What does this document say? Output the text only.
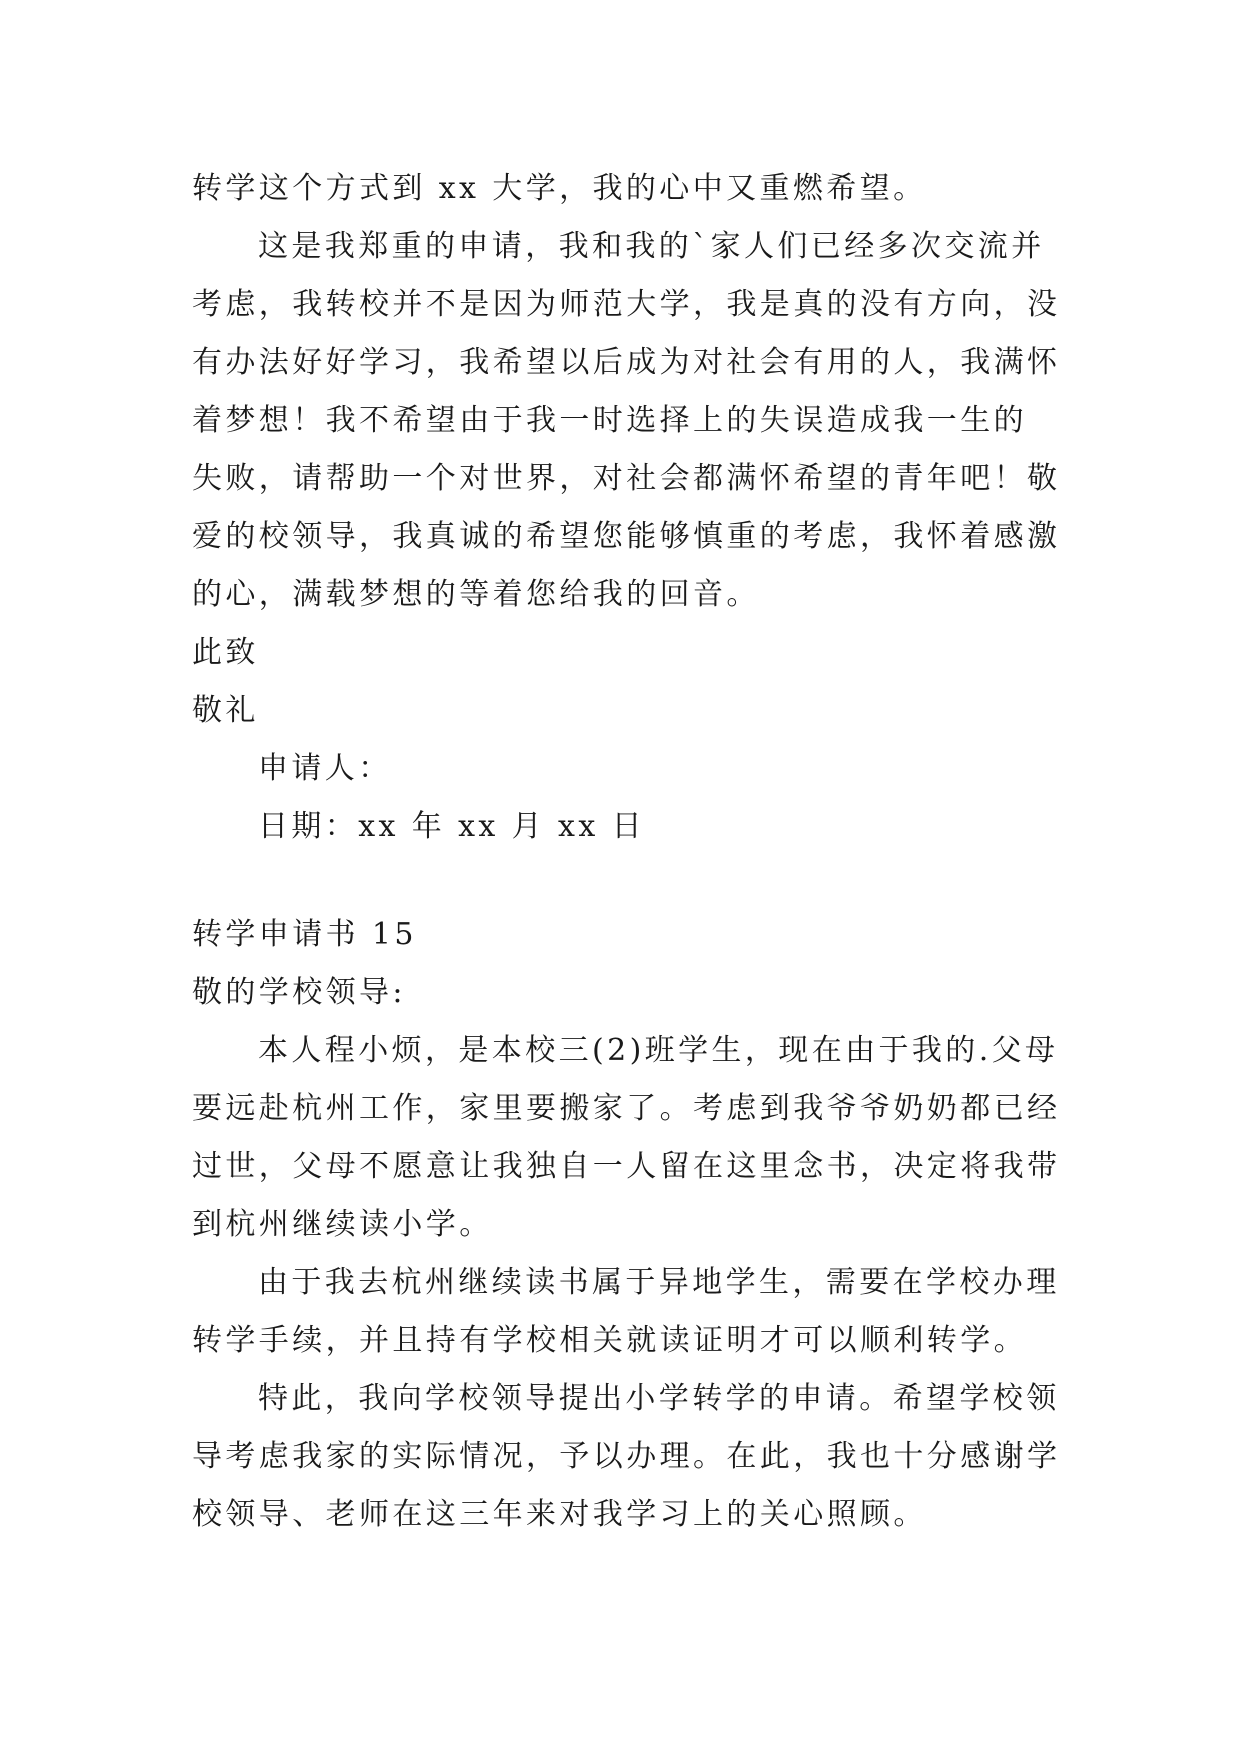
转学这个方式到 xx 大学，我的心中又重燃希望。
这是我郑重的申请，我和我的`家人们已经多次交流并
考虑，我转校并不是因为师范大学，我是真的没有方向，没
有办法好好学习，我希望以后成为对社会有用的人，我满怀
着梦想！我不希望由于我一时选择上的失误造成我一生的
失败，请帮助一个对世界，对社会都满怀希望的青年吧！敬
爱的校领导，我真诚的希望您能够慎重的考虑，我怀着感激
的心，满载梦想的等着您给我的回音。
此致
敬礼
申请人：
日期：xx 年 xx 月 xx 日
转学申请书 15
敬的学校领导:
本人程小烦，是本校三(2)班学生，现在由于我的.父母
要远赴杭州工作，家里要搬家了。考虑到我爷爷奶奶都已经
过世，父母不愿意让我独自一人留在这里念书，决定将我带
到杭州继续读小学。
由于我去杭州继续读书属于异地学生，需要在学校办理
转学手续，并且持有学校相关就读证明才可以顺利转学。
特此，我向学校领导提出小学转学的申请。希望学校领
导考虑我家的实际情况，予以办理。在此，我也十分感谢学
校领导、老师在这三年来对我学习上的关心照顾。
